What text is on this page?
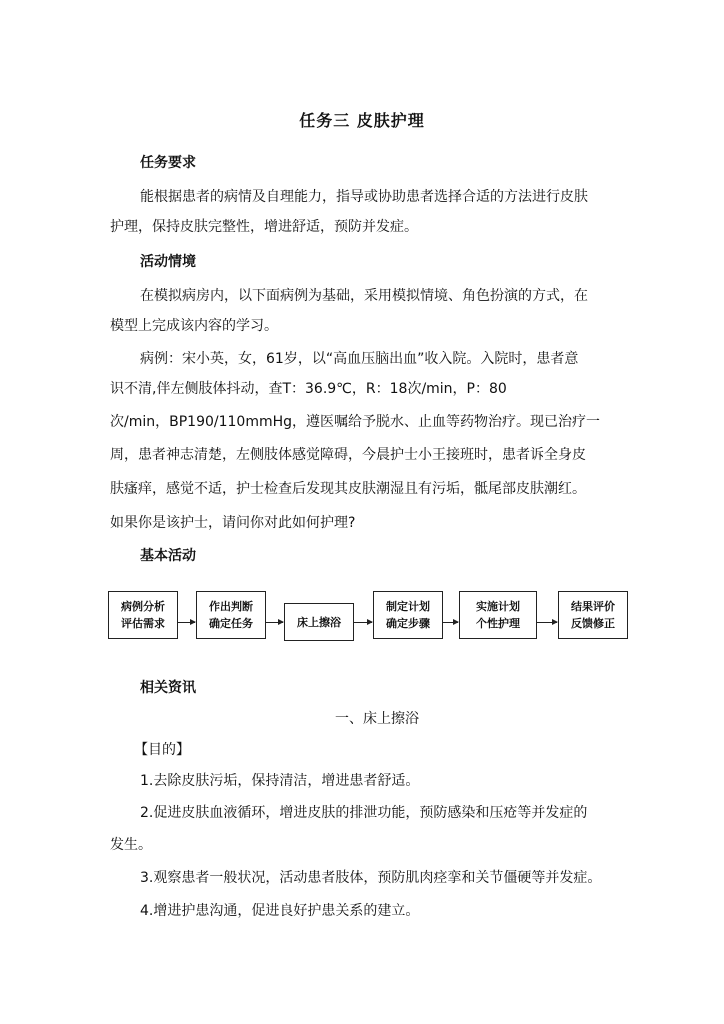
任务三 皮肤护理
任务要求
能根据患者的病情及自理能力，指导或协助患者选择合适的方法进行皮肤
护理，保持皮肤完整性，增进舒适，预防并发症。
活动情境
在模拟病房内，以下面病例为基础，采用模拟情境、角色扮演的方式，在
模型上完成该内容的学习。
病例：宋小英，女，61岁，以“高血压脑出血”收入院。入院时，患者意
识不清,伴左侧肢体抖动，查T：36.9℃，R：18次/min，P：80
次/min，BP190/110mmHg，遵医嘱给予脱水、止血等药物治疗。现已治疗一
周，患者神志清楚，左侧肢体感觉障碍，今晨护士小王接班时，患者诉全身皮
肤瘙痒，感觉不适，护士检查后发现其皮肤潮湿且有污垢，骶尾部皮肤潮红。
如果你是该护士，请问你对此如何护理?
基本活动
病例分析
评估需求
作出判断
确定任务	床上擦浴
制定计划
确定步骤
实施计划
个性护理
结果评价
反馈修正
相关资讯
一、床上擦浴
【目的】
1.去除皮肤污垢，保持清洁，增进患者舒适。
2.促进皮肤血液循环，增进皮肤的排泄功能，预防感染和压疮等并发症的
发生。
3.观察患者一般状况，活动患者肢体，预防肌肉痉挛和关节僵硬等并发症。
4.增进护患沟通，促进良好护患关系的建立。
